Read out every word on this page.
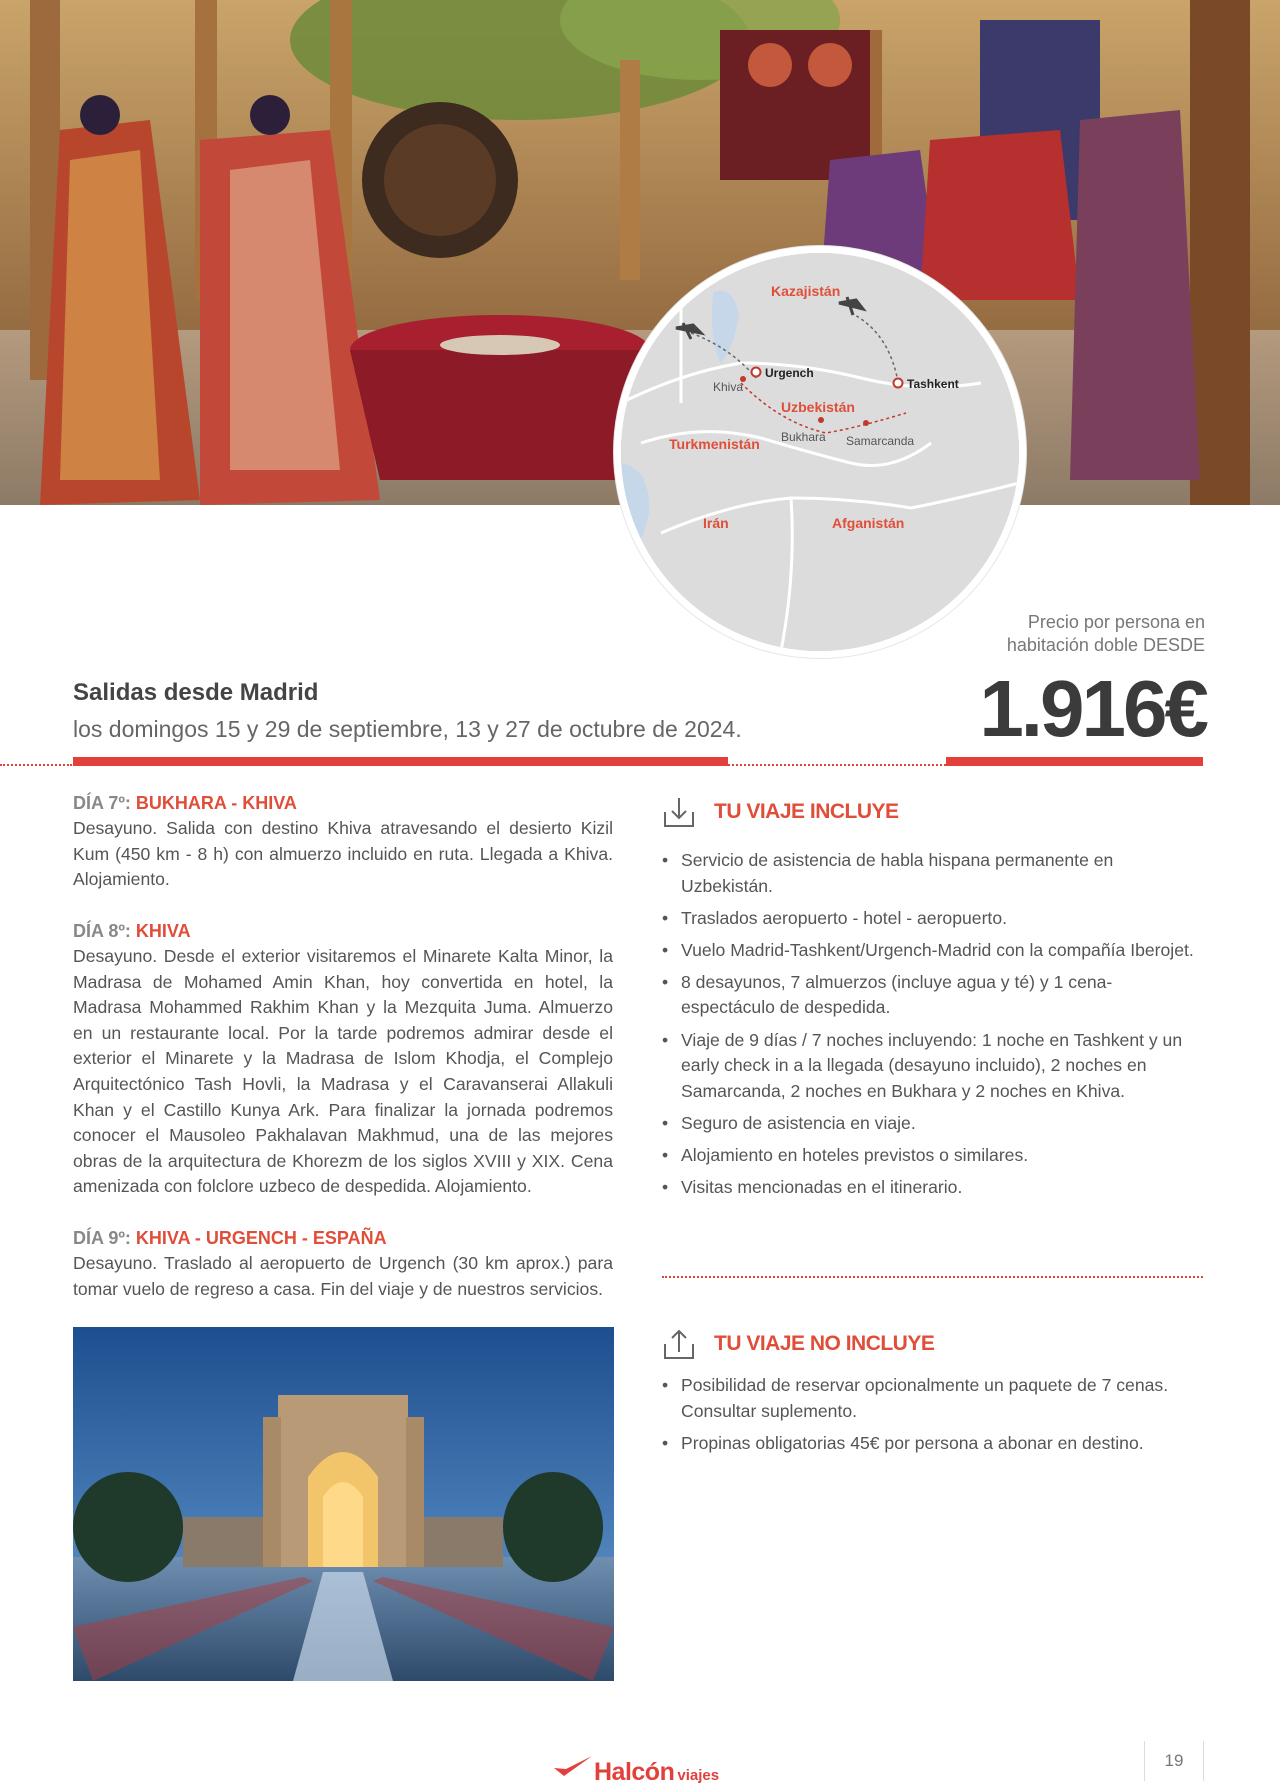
Kazajistán
Uzbekistán
Turkmenistán
Irán	Afganistán
Khiva
Urgench
Tashkent
Bukhara Samarcanda
Precio por persona en
habitación doble DESDE
1.916€
Salidas desde Madrid
los domingos 15 y 29 de septiembre, 13 y 27 de octubre de 2024.
DÍA 7º: BUKHARA - KHIVA

Desayuno. Salida con destino Khiva atravesando el desierto Kizil Kum (450 km - 8 h) con almuerzo incluido en ruta. Llegada a Khiva. Alojamiento.

DÍA 8º: KHIVA

Desayuno. Desde el exterior visitaremos el Minarete Kalta Minor, la Madrasa de Mohamed Amin Khan, hoy convertida en hotel, la Madrasa Mohammed Rakhim Khan y la Mezquita Juma. Almuerzo en un restaurante local. Por la tarde podremos admirar desde el exterior el Minarete y la Madrasa de Islom Khodja, el Complejo Arquitectónico Tash Hovli, la Madrasa y el Caravanserai Allakuli Khan y el Castillo Kunya Ark. Para finalizar la jornada podremos conocer el Mausoleo Pakhalavan Makhmud, una de las mejores obras de la arquitectura de Khorezm de los siglos XVIII y XIX. Cena amenizada con folclore uzbeco de despedida. Alojamiento.

DÍA 9º: KHIVA - URGENCH - ESPAÑA

Desayuno. Traslado al aeropuerto de Urgench (30 km aprox.) para tomar vuelo de regreso a casa. Fin del viaje y de nuestros servicios.

TU VIAJE INCLUYE
• Servicio de asistencia de habla hispana permanente en Uzbekistán.
• Traslados aeropuerto - hotel - aeropuerto.
• Vuelo Madrid-Tashkent/Urgench-Madrid con la compañía Iberojet.
• 8 desayunos, 7 almuerzos (incluye agua y té) y 1 cena-espectáculo de despedida.
• Viaje de 9 días / 7 noches incluyendo: 1 noche en Tashkent y un early check in a la llegada (desayuno incluido), 2 noches en Samarcanda, 2 noches en Bukhara y 2 noches en Khiva.
• Seguro de asistencia en viaje.
• Alojamiento en hoteles previstos o similares.
• Visitas mencionadas en el itinerario.
TU VIAJE NO INCLUYE
• Posibilidad de reservar opcionalmente un paquete de 7 cenas. Consultar suplemento.
• Propinas obligatorias 45€ por persona a abonar en destino.
Halcón viajes
19
